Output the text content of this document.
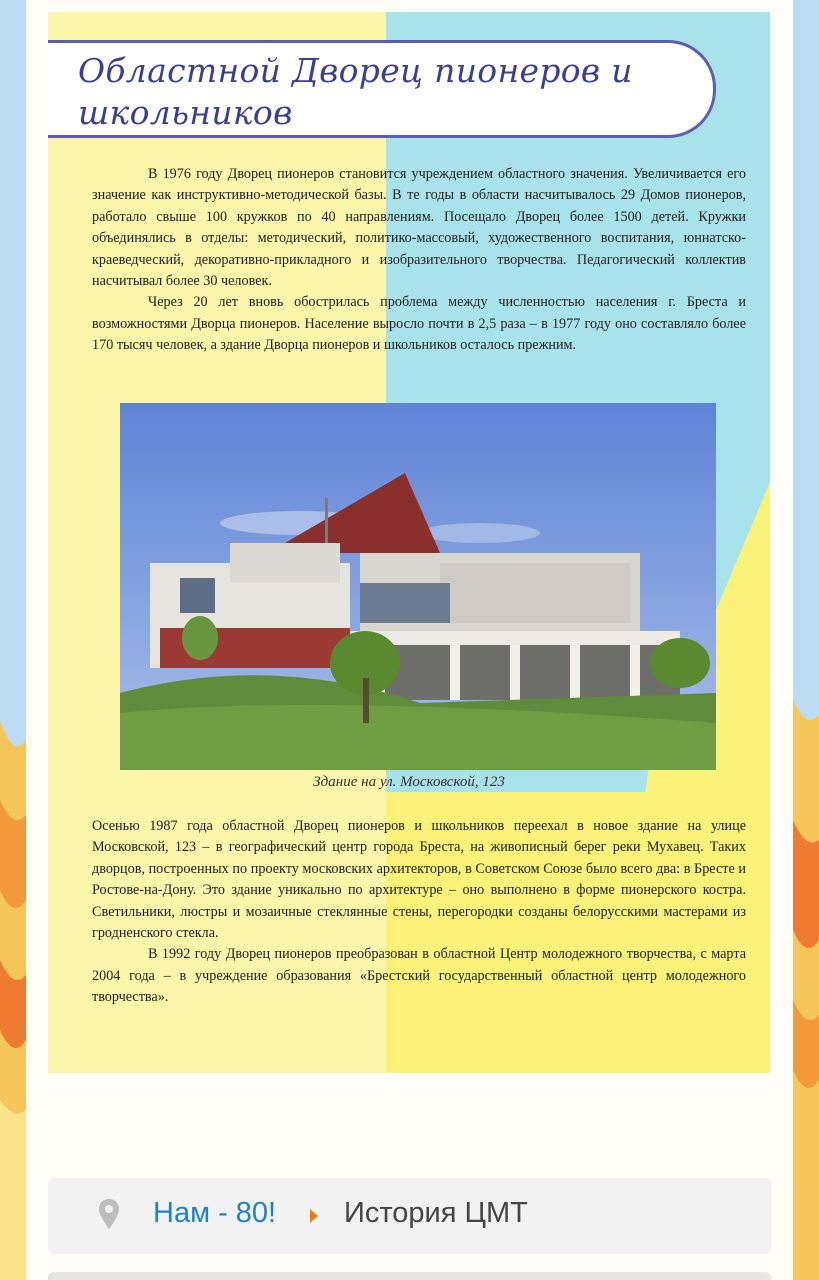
Областной Дворец пионеров и
школьников

В 1976 году Дворец пионеров становится учреждением областного значения. Увеличивается его значение как инструктивно-методической базы. В те годы в области насчитывалось 29 Домов пионеров, работало свыше 100 кружков по 40 направлениям. Посещало Дворец более 1500 детей. Кружки объединялись в отделы: методический, политико-массовый, художественного воспитания, юннатско-краеведческий, декоративно-прикладного и изобразительного творчества. Педагогический коллектив насчитывал более 30 человек.

Через 20 лет вновь обострилась проблема между численностью населения г. Бреста и возможностями Дворца пионеров. Население выросло почти в 2,5 раза – в 1977 году оно составляло более 170 тысяч человек, а здание Дворца пионеров и школьников осталось прежним.

Здание на ул. Московской, 123

Осенью 1987 года областной Дворец пионеров и школьников переехал в новое здание на улице Московской, 123 – в географический центр города Бреста, на живописный берег реки Мухавец. Таких дворцов, построенных по проекту московских архитекторов, в Советском Союзе было всего два: в Бресте и Ростове-на-Дону. Это здание уникально по архитектуре – оно выполнено в форме пионерского костра. Светильники, люстры и мозаичные стеклянные стены, перегородки созданы белорусскими мастерами из гродненского стекла.

В 1992 году Дворец пионеров преобразован в областной Центр молодежного творчества, с марта 2004 года – в учреждение образования «Брестский государственный областной центр молодежного творчества».

Нам - 80! История ЦМТ
